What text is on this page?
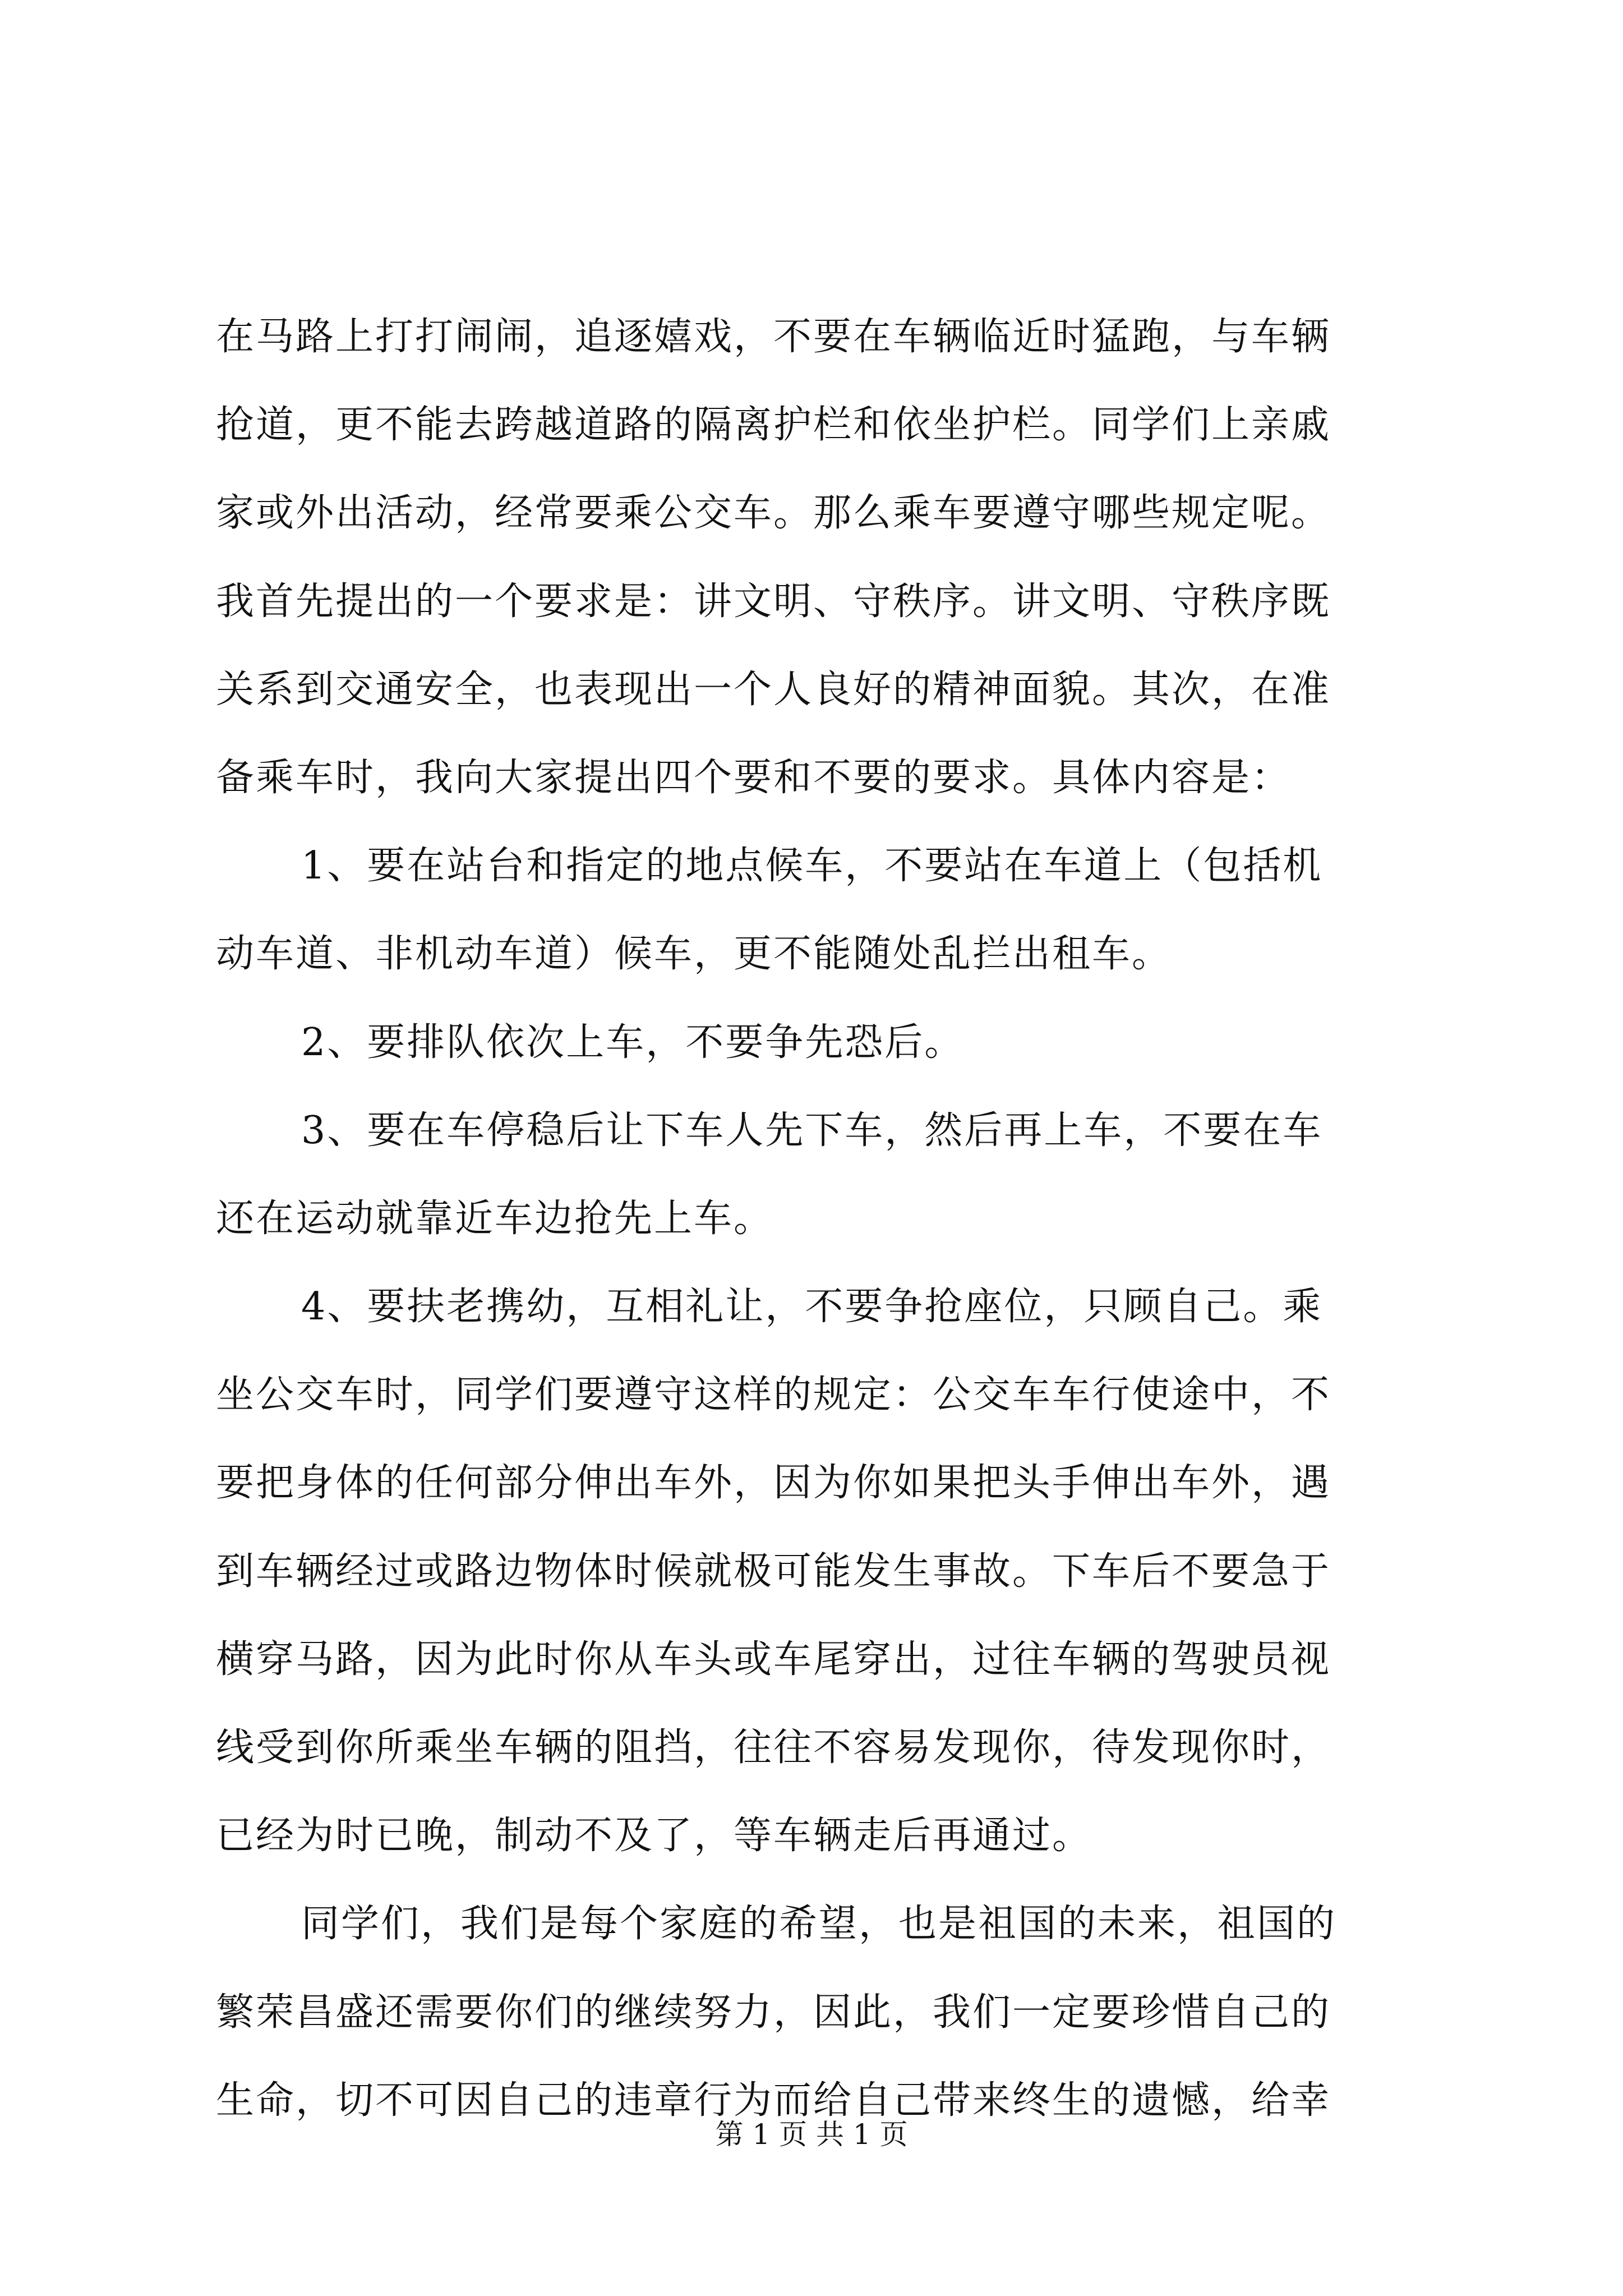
在马路上打打闹闹，追逐嬉戏，不要在车辆临近时猛跑，与车辆
抢道，更不能去跨越道路的隔离护栏和依坐护栏。同学们上亲戚
家或外出活动，经常要乘公交车。那么乘车要遵守哪些规定呢。
我首先提出的一个要求是：讲文明、守秩序。讲文明、守秩序既
关系到交通安全，也表现出一个人良好的精神面貌。其次，在准
备乘车时，我向大家提出四个要和不要的要求。具体内容是：
1、要在站台和指定的地点候车，不要站在车道上（包括机
动车道、非机动车道）候车，更不能随处乱拦出租车。
2、要排队依次上车，不要争先恐后。
3、要在车停稳后让下车人先下车，然后再上车，不要在车
还在运动就靠近车边抢先上车。
4、要扶老携幼，互相礼让，不要争抢座位，只顾自己。乘
坐公交车时，同学们要遵守这样的规定：公交车车行使途中，不
要把身体的任何部分伸出车外，因为你如果把头手伸出车外，遇
到车辆经过或路边物体时候就极可能发生事故。下车后不要急于
横穿马路，因为此时你从车头或车尾穿出，过往车辆的驾驶员视
线受到你所乘坐车辆的阻挡，往往不容易发现你，待发现你时，
已经为时已晚，制动不及了，等车辆走后再通过。
同学们，我们是每个家庭的希望，也是祖国的未来，祖国的
繁荣昌盛还需要你们的继续努力，因此，我们一定要珍惜自己的
生命，切不可因自己的违章行为而给自己带来终生的遗憾，给幸
第 1 页 共 1 页
